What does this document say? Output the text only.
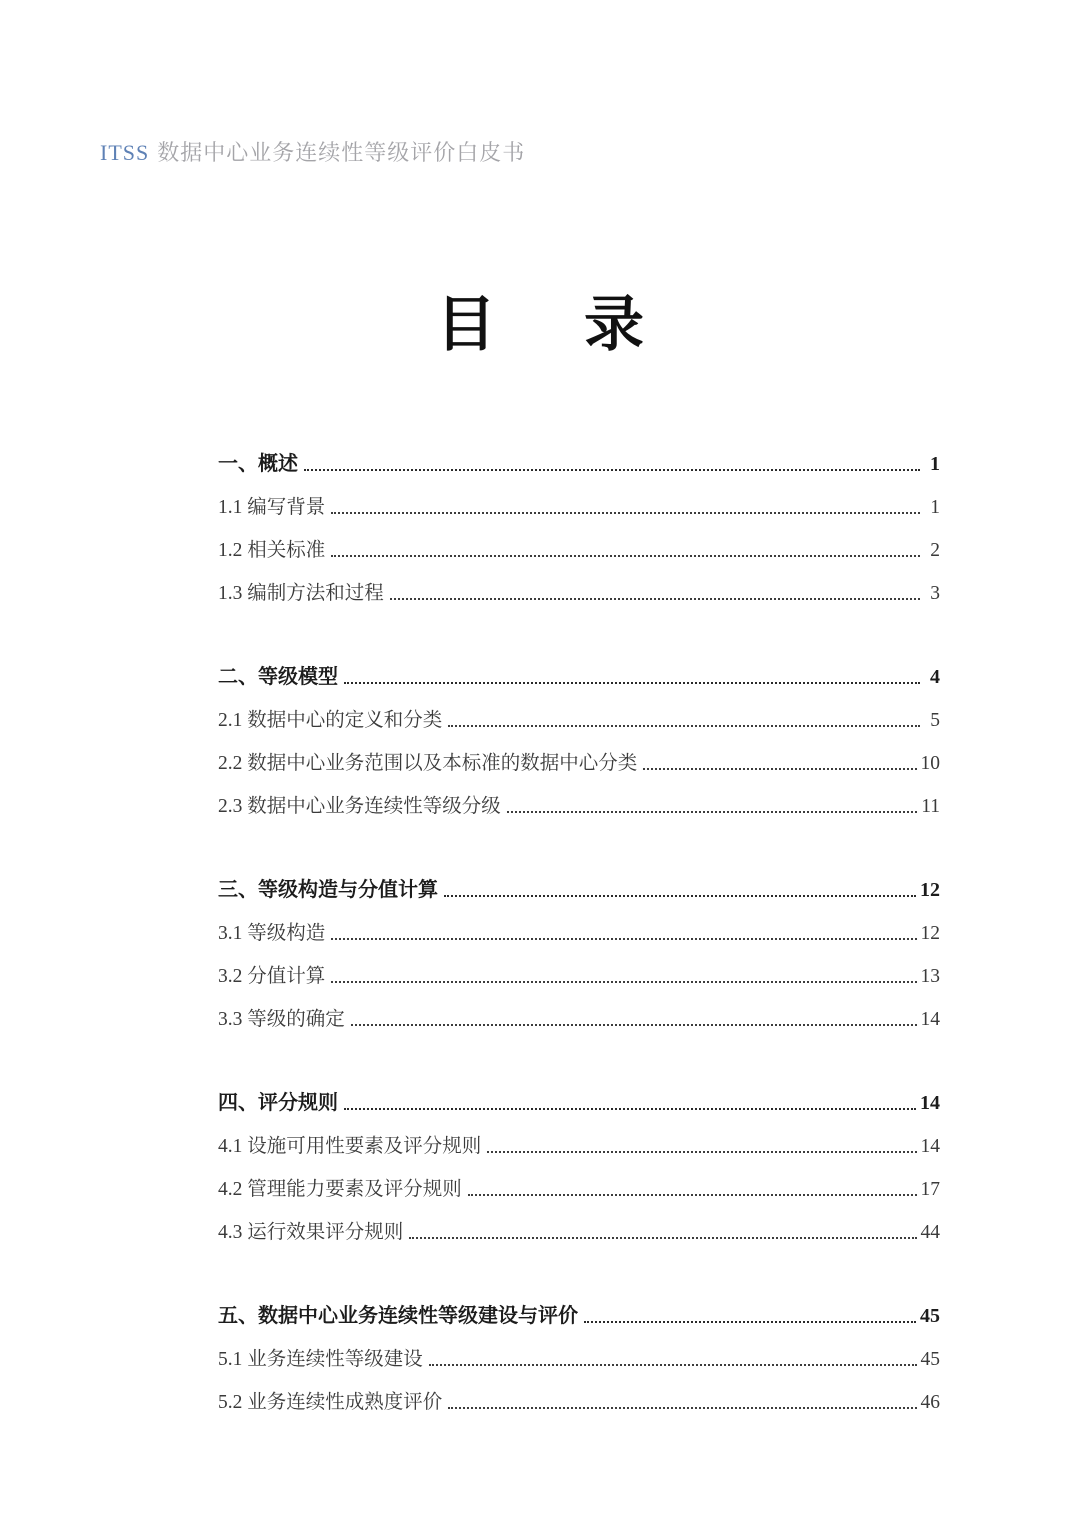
ITSS 数据中心业务连续性等级评价白皮书
目 录
一、概述	1
1.1 编写背景	1
1.2 相关标准	2
1.3 编制方法和过程	3
二、等级模型	4
2.1 数据中心的定义和分类	5
2.2 数据中心业务范围以及本标准的数据中心分类	10
2.3 数据中心业务连续性等级分级	11
三、等级构造与分值计算	12
3.1 等级构造	12
3.2 分值计算	13
3.3 等级的确定	14
四、评分规则	14
4.1 设施可用性要素及评分规则	14
4.2 管理能力要素及评分规则	17
4.3 运行效果评分规则	44
五、数据中心业务连续性等级建设与评价	45
5.1 业务连续性等级建设	45
5.2 业务连续性成熟度评价	46
